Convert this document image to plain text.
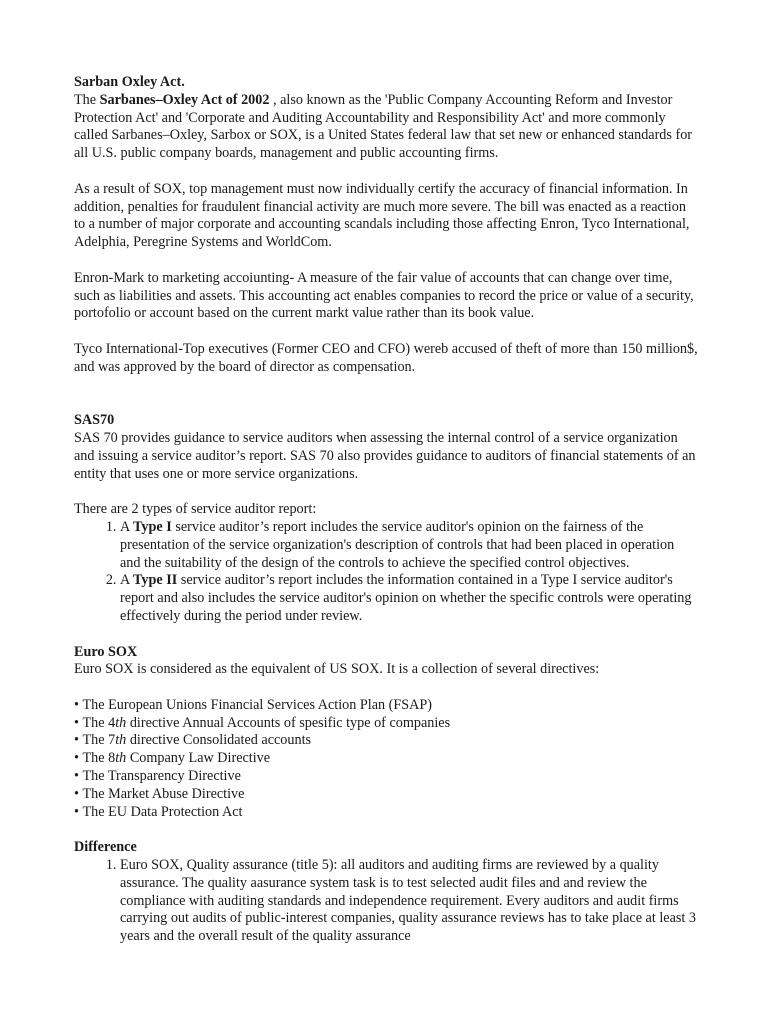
Sarban Oxley Act.

The Sarbanes–Oxley Act of 2002 , also known as the 'Public Company Accounting Reform and Investor Protection Act' and 'Corporate and Auditing Accountability and Responsibility Act' and more commonly called Sarbanes–Oxley, Sarbox or SOX, is a United States federal law that set new or enhanced standards for all U.S. public company boards, management and public accounting firms.

As a result of SOX, top management must now individually certify the accuracy of financial information. In addition, penalties for fraudulent financial activity are much more severe. The bill was enacted as a reaction to a number of major corporate and accounting scandals including those affecting Enron, Tyco International, Adelphia, Peregrine Systems and WorldCom.

Enron-Mark to marketing accoiunting- A measure of the fair value of accounts that can change over time, such as liabilities and assets. This accounting act enables companies to record the price or value of a security, portofolio or account based on the current markt value rather than its book value.

Tyco International-Top executives (Former CEO and CFO) wereb accused of theft of more than 150 million$, and was approved by the board of director as compensation.

SAS70

SAS 70 provides guidance to service auditors when assessing the internal control of a service organization and issuing a service auditor’s report. SAS 70 also provides guidance to auditors of financial statements of an entity that uses one or more service organizations.

There are 2 types of service auditor report:

1. A Type I service auditor’s report includes the service auditor's opinion on the fairness of the presentation of the service organization's description of controls that had been placed in operation and the suitability of the design of the controls to achieve the specified control objectives.
2. A Type II service auditor’s report includes the information contained in a Type I service auditor's report and also includes the service auditor's opinion on whether the specific controls were operating effectively during the period under review.

Euro SOX

Euro SOX is considered as the equivalent of US SOX. It is a collection of several directives:

• The European Unions Financial Services Action Plan (FSAP)
• The 4th directive Annual Accounts of spesific type of companies
• The 7th directive Consolidated accounts
• The 8th Company Law Directive
• The Transparency Directive
• The Market Abuse Directive
• The EU Data Protection Act

Difference

1. Euro SOX, Quality assurance (title 5): all auditors and auditing firms are reviewed by a quality assurance. The quality aasurance system task is to test selected audit files and and review the compliance with auditing standards and independence requirement. Every auditors and audit firms carrying out audits of public-interest companies, quality assurance reviews has to take place at least 3 years and the overall result of the quality assurance
